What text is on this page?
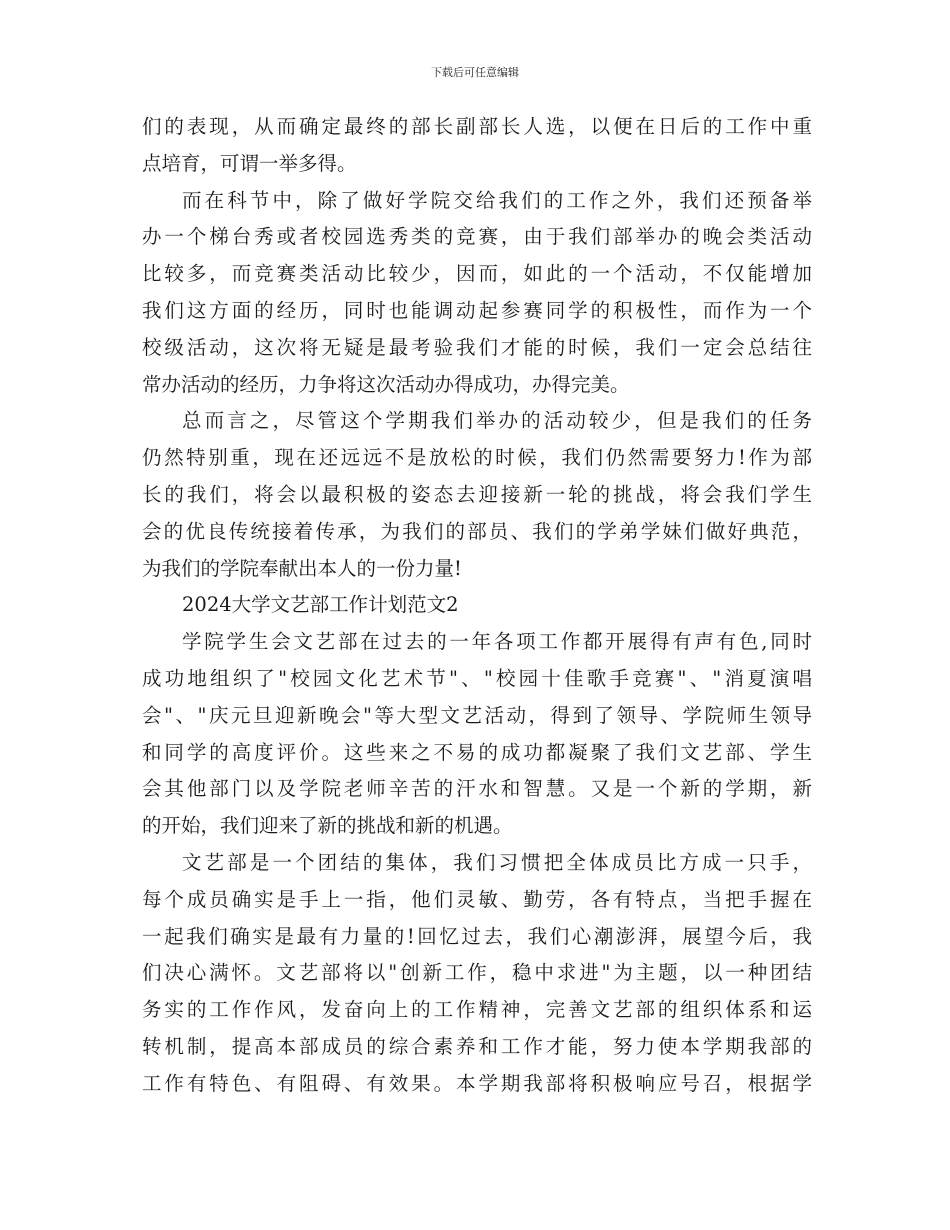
下载后可任意编辑
们的表现，从而确定最终的部长副部长人选，以便在日后的工作中重
点培育，可谓一举多得。
而在科节中，除了做好学院交给我们的工作之外，我们还预备举
办一个梯台秀或者校园选秀类的竞赛，由于我们部举办的晚会类活动
比较多，而竞赛类活动比较少，因而，如此的一个活动，不仅能增加
我们这方面的经历，同时也能调动起参赛同学的积极性，而作为一个
校级活动，这次将无疑是最考验我们才能的时候，我们一定会总结往
常办活动的经历，力争将这次活动办得成功，办得完美。
总而言之，尽管这个学期我们举办的活动较少，但是我们的任务
仍然特别重，现在还远远不是放松的时候，我们仍然需要努力!作为部
长的我们，将会以最积极的姿态去迎接新一轮的挑战，将会我们学生
会的优良传统接着传承，为我们的部员、我们的学弟学妹们做好典范，
为我们的学院奉献出本人的一份力量!
2024大学文艺部工作计划范文2
学院学生会文艺部在过去的一年各项工作都开展得有声有色,同时
成功地组织了"校园文化艺术节"、"校园十佳歌手竞赛"、"消夏演唱
会"、"庆元旦迎新晚会"等大型文艺活动，得到了领导、学院师生领导
和同学的高度评价。这些来之不易的成功都凝聚了我们文艺部、学生
会其他部门以及学院老师辛苦的汗水和智慧。又是一个新的学期，新
的开始，我们迎来了新的挑战和新的机遇。
文艺部是一个团结的集体，我们习惯把全体成员比方成一只手，
每个成员确实是手上一指，他们灵敏、勤劳，各有特点，当把手握在
一起我们确实是最有力量的!回忆过去，我们心潮澎湃，展望今后，我
们决心满怀。文艺部将以"创新工作，稳中求进"为主题，以一种团结
务实的工作作风，发奋向上的工作精神，完善文艺部的组织体系和运
转机制，提高本部成员的综合素养和工作才能，努力使本学期我部的
工作有特色、有阻碍、有效果。本学期我部将积极响应号召，根据学
